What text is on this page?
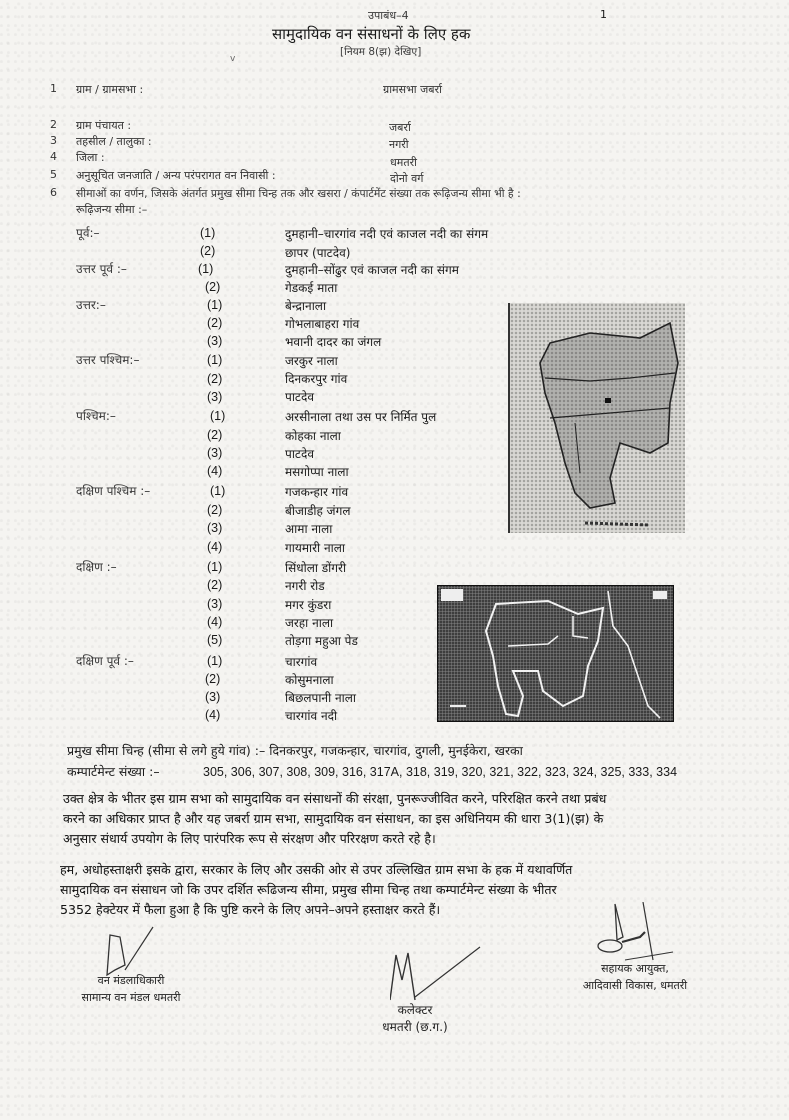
उपाबंध–4	1
सामुदायिक वन संसाधनों के लिए हक
[नियम 8(झ) देखिए]
v
1 ग्राम / ग्रामसभा :	ग्रामसभा जबर्रा
2 ग्राम पंचायत :	जबर्रा
3 तहसील / तालुका :	नगरी
4 जिला :	धमतरी
5 अनुसूचित जनजाति / अन्य परंपरागत वन निवासी :	दोनो वर्ग
6 सीमाओं का वर्णन, जिसके अंतर्गत प्रमुख सीमा चिन्ह तक और खसरा / कंपार्टमेंट संख्या तक रूढ़िजन्य सीमा भी है :
रूढ़िजन्य सीमा :–
पूर्व:–	(1)	दुमहानी–चारगांव नदी एवं काजल नदी का संगम
(2)	छापर (पाटदेव)
उत्तर पूर्व :–	(1)	दुमहानी–सोंढुर एवं काजल नदी का संगम
(2)	गेडकई माता
उत्तर:–	(1)	बेन्द्रानाला
(2)	गोभलाबाहरा गांव
(3)	भवानी दादर का जंगल
उत्तर पश्चिम:–	(1)	जरकुर नाला
(2)	दिनकरपुर गांव
(3)	पाटदेव
पश्चिम:–	(1)	अरसीनाला तथा उस पर निर्मित पुल
(2)	कोहका नाला
(3)	पाटदेव
(4)	मसगोप्पा नाला
दक्षिण पश्चिम :–	(1)	गजकन्हार गांव
(2)	बीजाडीह जंगल
(3)	आमा नाला
(4)	गायमारी नाला
दक्षिण :–	(1)	सिंधोला डोंगरी
(2)	नगरी रोड
(3)	मगर कुंडरा
(4)	जरहा नाला
(5)	तोड़गा महुआ पेड
दक्षिण पूर्व :–	(1)	चारगांव
(2)	कोसुमनाला
(3)	बिछलपानी नाला
(4)	चारगांव नदी
प्रमुख सीमा चिन्ह (सीमा से लगे हुये गांव) :– दिनकरपुर, गजकन्हार, चारगांव, दुगली, मुनईकेरा, खरका
कम्पार्टमेन्ट संख्या :–	305, 306, 307, 308, 309, 316, 317A, 318, 319, 320, 321, 322, 323, 324, 325, 333, 334
उक्त क्षेत्र के भीतर इस ग्राम सभा को सामुदायिक वन संसाधनों की संरक्षा, पुनरूज्जीवित करने, परिरक्षित करने तथा प्रबंध
करने का अधिकार प्राप्त है और यह जबर्रा ग्राम सभा, सामुदायिक वन संसाधन, का इस अधिनियम की धारा 3(1)(झ) के
अनुसार संधार्य उपयोग के लिए पारंपरिक रूप से संरक्षण और परिरक्षण करते रहे है।
हम, अधोहस्ताक्षरी इसके द्वारा, सरकार के लिए और उसकी ओर से उपर उल्लिखित ग्राम सभा के हक में यथावर्णित
सामुदायिक वन संसाधन जो कि उपर दर्शित रूढिजन्य सीमा, प्रमुख सीमा चिन्ह तथा कम्पार्टमेन्ट संख्या के भीतर
5352 हेक्टेयर में फैला हुआ है कि पुष्टि करने के लिए अपने–अपने हस्ताक्षर करते हैं।
वन मंडलाधिकारी
सामान्य वन मंडल धमतरी
कलेक्टर
धमतरी (छ.ग.)
सहायक आयुक्त,
आदिवासी विकास, धमतरी
